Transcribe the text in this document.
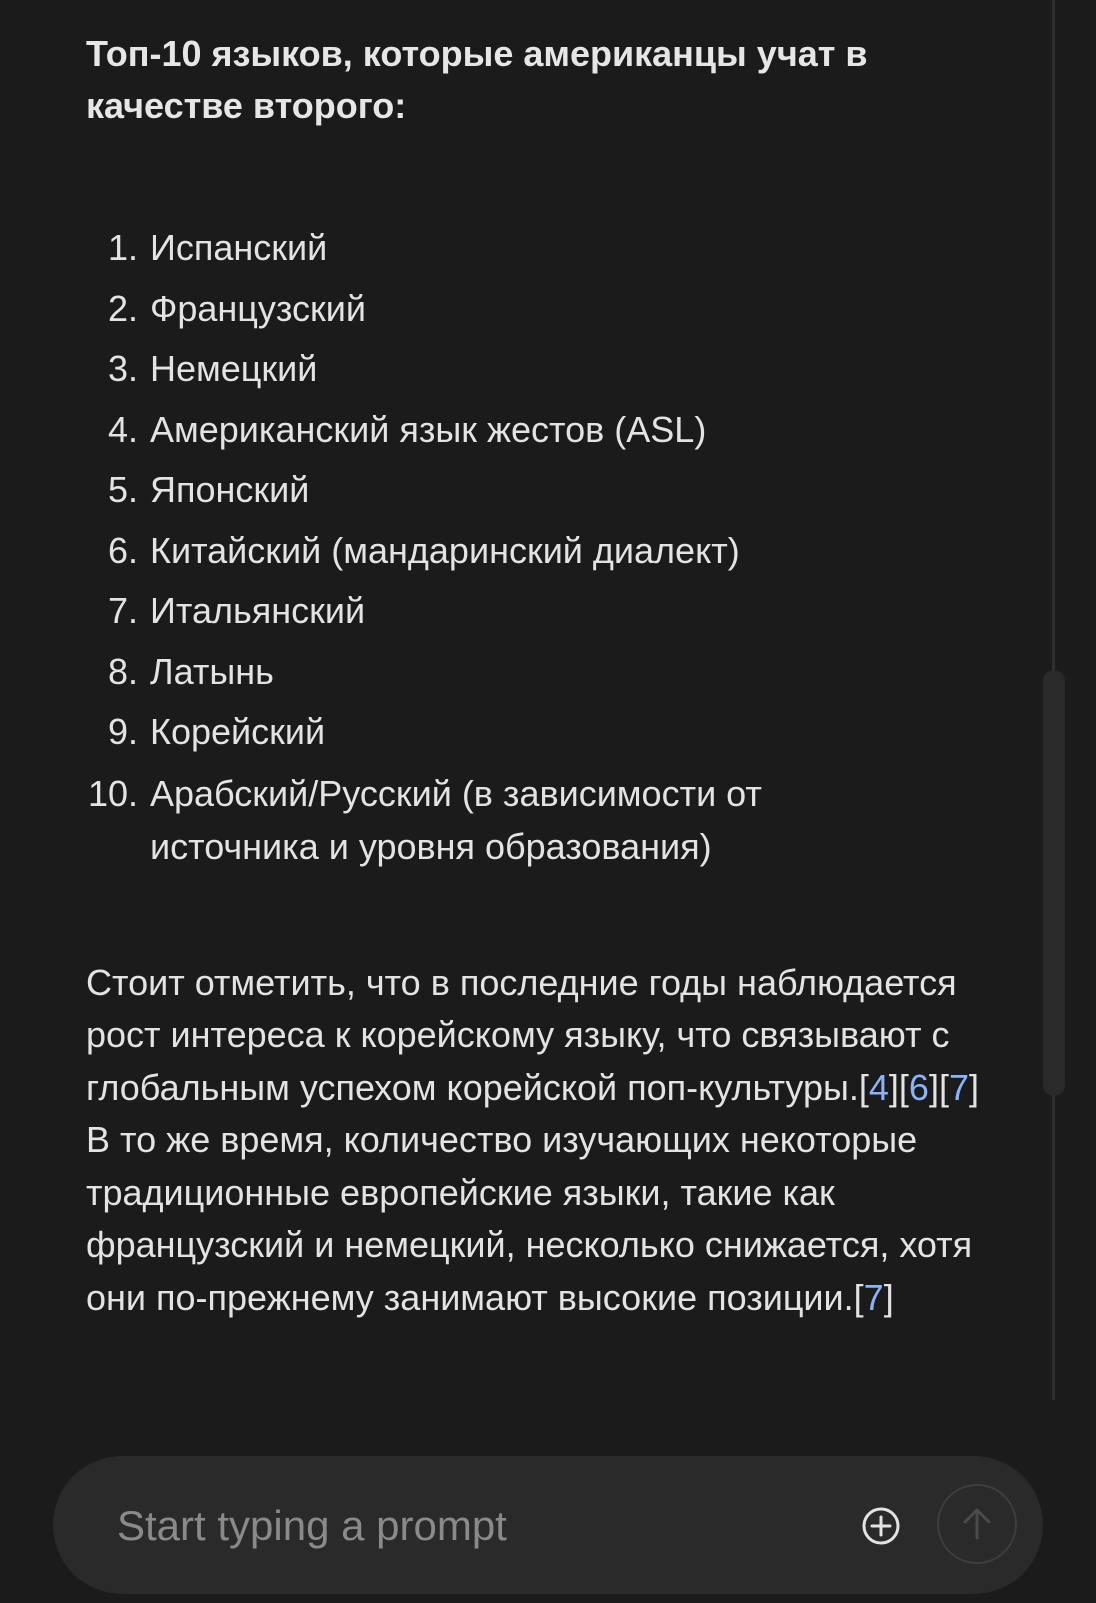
Топ-10 языков, которые американцы учат в качестве второго:

1. Испанский
2. Французский
3. Немецкий
4. Американский язык жестов (ASL)
5. Японский
6. Китайский (мандаринский диалект)
7. Итальянский
8. Латынь
9. Корейский
10. Арабский/Русский (в зависимости от источника и уровня образования)

Стоит отметить, что в последние годы наблюдается рост интереса к корейскому языку, что связывают с глобальным успехом корейской поп-культуры.[4][6][7] В то же время, количество изучающих некоторые традиционные европейские языки, такие как французский и немецкий, несколько снижается, хотя они по-прежнему занимают высокие позиции.[7]

Start typing a prompt
